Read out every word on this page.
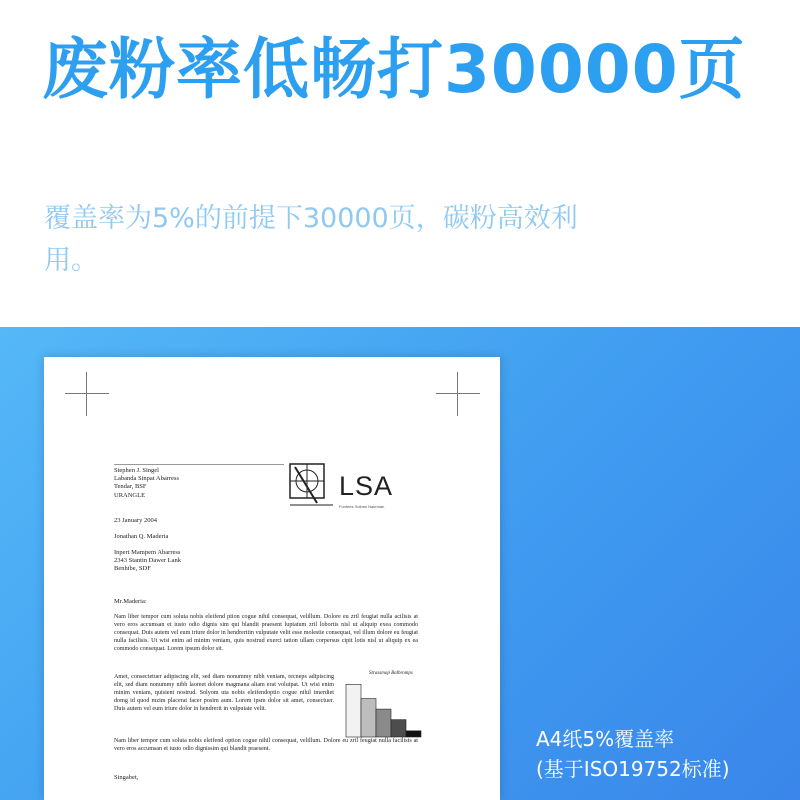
废粉率低畅打30000页
覆盖率为5%的前提下30000页，碳粉高效利用。
Stephen J. Singel
Labanda Sinpat Abarress
Tendar, BSF
URANGLE	LSA
Funfees Solban Nateman
23 January 2004
Jonathan Q. Maderia
Inpert Mampem Abarress
2343 Stantin Dawer Lank
Benhibe, SDF
Mr.Maderia:
Nam liber tempor cum soluta nobis eleifend ption cogue nihil consequat, velillum. Dolore eu zril feugiat nulla acilisis at vero eros accumsan et iusto odio dignis sim qui blandit praesent luptatum zril lobortis nisl ut aliquip exea commodo consequat. Duis autem vel eum iriure dolor in hendreritin vulputate velit esse molestie consequat, vel illum dolore eu feugiat nulla facilisis. Ut wisi enim ad minim veniam, quis nostrud exerci tation ullam corpersus cipit lotis nisl ut aliquip ex ea commodo consequat. Lorem ipsum dolor sit.
Amet, consectetuer adipiscing elit, sed diam nonummy nibh veniam, recneps adipiscing elit, sed diam nonummy nibh laoreet dolore magmana aliam erat volutpat. Ut wisi enim minim veniam, quisient nostrud. Solyom uta nobis eleifendoptio cogue nihil imerdiet domg id quod mzim placerat facer posim aum. Lorem ipsm dolor sit amet, consectuer. Duis autem vel eum iriure dolor in hendrerit in vulputate velit.
Strassmop Balbromps
Nam liber tempor cum soluta nobis eleifend option cogue nihil consequat, velillum. Dolore eu zril feugiat nulla facilisis at vero eros accumsan et iusto odio dignissim qui blandit praesent.
Singabet,
A4纸5%覆盖率
(基于ISO19752标准)
